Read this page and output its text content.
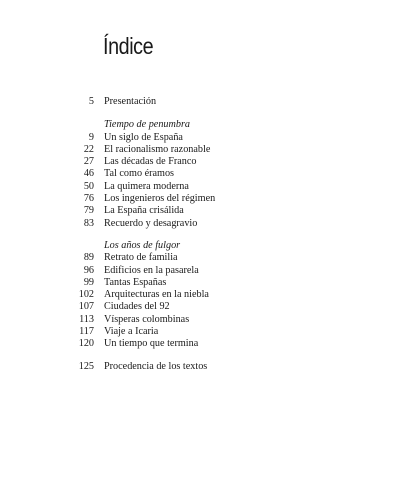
Índice
5 Presentación
Tiempo de penumbra
9 Un siglo de España
22 El racionalismo razonable
27 Las décadas de Franco
46 Tal como éramos
50 La quimera moderna
76 Los ingenieros del régimen
79 La España crisálida
83 Recuerdo y desagravio
Los años de fulgor
89 Retrato de familia
96 Edificios en la pasarela
99 Tantas Españas
102 Arquitecturas en la niebla
107 Ciudades del 92
113 Vísperas colombinas
117 Viaje a Icaria
120 Un tiempo que termina
125 Procedencia de los textos
